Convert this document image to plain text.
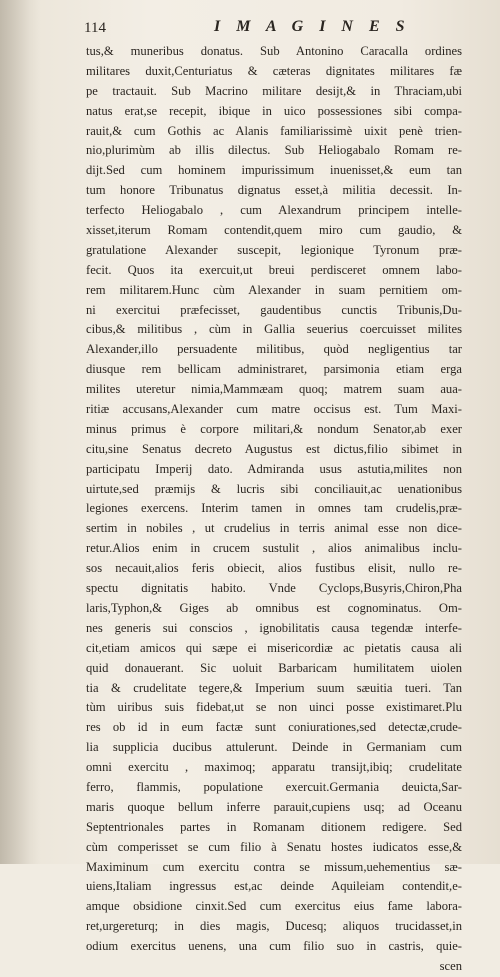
114	I M A G I N E S
tus,& muneribus donatus. Sub Antonino Caracalla ordines
militares duxit,Centuriatus & cæteras dignitates militares fæ
pe tractauit. Sub Macrino militare desijt,& in Thraciam,ubi
natus erat,se recepit, ibique in uico possessiones sibi compa-
rauit,& cum Gothis ac Alanis familiarissimè uixit penè trien-
nio,plurimùm ab illis dilectus. Sub Heliogabalo Romam re-
dijt.Sed cum hominem impurissimum inuenisset,& eum tan
tum honore Tribunatus dignatus esset,à militia decessit. In-
terfecto Heliogabalo , cum Alexandrum principem intelle-
xisset,iterum Romam contendit,quem miro cum gaudio, &
gratulatione Alexander suscepit, legionique Tyronum præ-
fecit. Quos ita exercuit,ut breui perdisceret omnem labo-
rem militarem.Hunc cùm Alexander in suam pernitiem om-
ni exercitui præfecisset, gaudentibus cunctis Tribunis,Du-
cibus,& militibus , cùm in Gallia seuerius coercuisset milites
Alexander,illo persuadente militibus, quòd negligentius tar
diusque rem bellicam administraret, parsimonia etiam erga
milites uteretur nimia,Mammæam quoq; matrem suam aua-
ritiæ accusans,Alexander cum matre occisus est. Tum Maxi-
minus primus è corpore militari,& nondum Senator,ab exer
citu,sine Senatus decreto Augustus est dictus,filio sibimet in
participatu Imperij dato. Admiranda usus astutia,milites non
uirtute,sed præmijs & lucris sibi conciliauit,ac uenationibus
legiones exercens. Interim tamen in omnes tam crudelis,præ-
sertim in nobiles , ut crudelius in terris animal esse non dice-
retur.Alios enim in crucem sustulit , alios animalibus inclu-
sos necauit,alios feris obiecit, alios fustibus elisit, nullo re-
spectu dignitatis habito. Vnde Cyclops,Busyris,Chiron,Pha
laris,Typhon,& Giges ab omnibus est cognominatus. Om-
nes generis sui conscios , ignobilitatis causa tegendæ interfe-
cit,etiam amicos qui sæpe ei misericordiæ ac pietatis causa ali
quid donauerant. Sic uoluit Barbaricam humilitatem uiolen
tia & crudelitate tegere,& Imperium suum sæuitia tueri. Tan
tùm uiribus suis fidebat,ut se non uinci posse existimaret.Plu
res ob id in eum factæ sunt coniurationes,sed detectæ,crude-
lia supplicia ducibus attulerunt. Deinde in Germaniam cum
omni exercitu , maximoq; apparatu transijt,ibiq; crudelitate
ferro, flammis, populatione exercuit.Germania deuicta,Sar-
maris quoque bellum inferre parauit,cupiens usq; ad Oceanu
Septentrionales partes in Romanam ditionem redigere. Sed
cùm comperisset se cum filio à Senatu hostes iudicatos esse,&
Maximinum cum exercitu contra se missum,uehementius sæ-
uiens,Italiam ingressus est,ac deinde Aquileiam contendit,e-
amque obsidione cinxit.Sed cum exercitus eius fame labora-
ret,urgereturq; in dies magis, Ducesq; aliquos trucidasset,in
odium exercitus uenens, una cum filio suo in castris, quie-
scen
